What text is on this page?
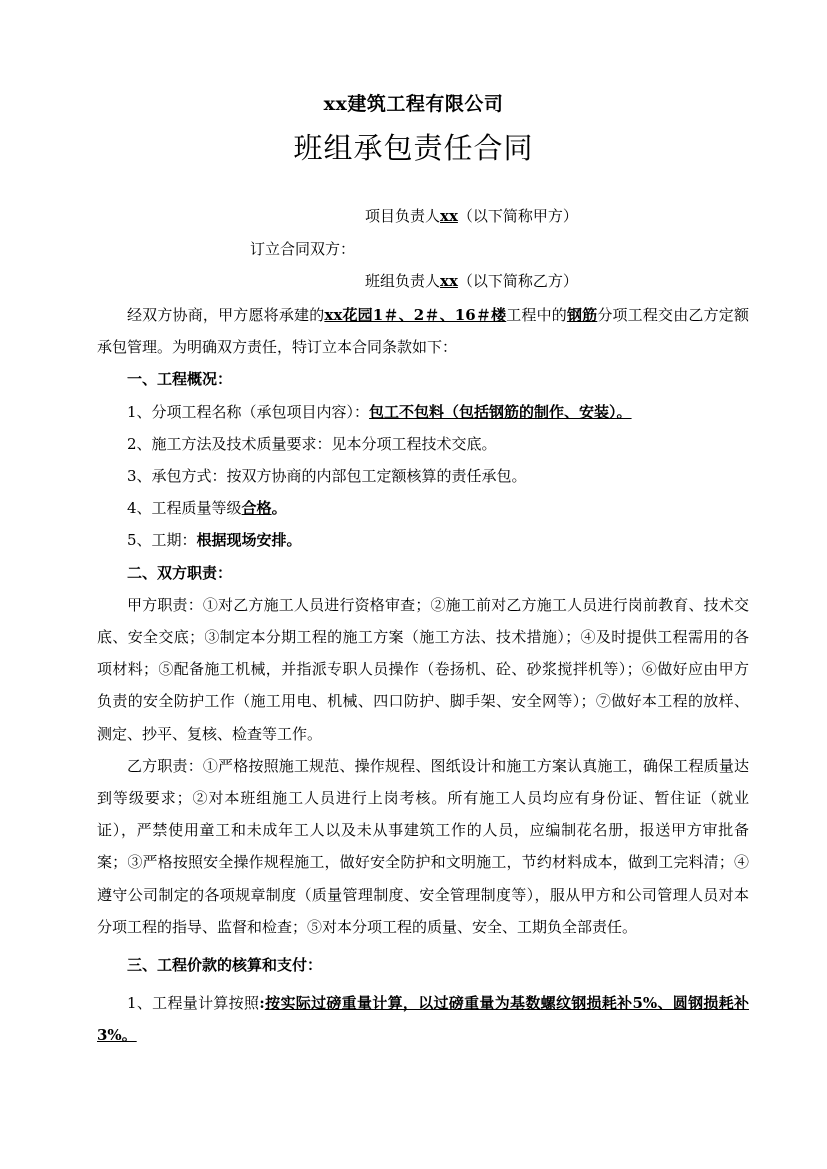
xx建筑工程有限公司
班组承包责任合同
项目负责人xx（以下简称甲方）
订立合同双方：
班组负责人xx（以下简称乙方）

经双方协商，甲方愿将承建的xx花园1＃、2＃、16＃楼工程中的钢筋分项工程交由乙方定额承包管理。为明确双方责任，特订立本合同条款如下：

一、工程概况：

1、分项工程名称（承包项目内容）：包工不包料（包括钢筋的制作、安装）。

2、施工方法及技术质量要求：见本分项工程技术交底。

3、承包方式：按双方协商的内部包工定额核算的责任承包。

4、工程质量等级合格。

5、工期：根据现场安排。

二、双方职责：

甲方职责：①对乙方施工人员进行资格审查；②施工前对乙方施工人员进行岗前教育、技术交底、安全交底；③制定本分期工程的施工方案（施工方法、技术措施）；④及时提供工程需用的各项材料；⑤配备施工机械，并指派专职人员操作（卷扬机、砼、砂浆搅拌机等）；⑥做好应由甲方负责的安全防护工作（施工用电、机械、四口防护、脚手架、安全网等）；⑦做好本工程的放样、测定、抄平、复核、检查等工作。

乙方职责：①严格按照施工规范、操作规程、图纸设计和施工方案认真施工，确保工程质量达到等级要求；②对本班组施工人员进行上岗考核。所有施工人员均应有身份证、暂住证（就业证），严禁使用童工和未成年工人以及未从事建筑工作的人员，应编制花名册，报送甲方审批备案；③严格按照安全操作规程施工，做好安全防护和文明施工，节约材料成本，做到工完料清；④遵守公司制定的各项规章制度（质量管理制度、安全管理制度等），服从甲方和公司管理人员对本分项工程的指导、监督和检查；⑤对本分项工程的质量、安全、工期负全部责任。

三、工程价款的核算和支付：

1、工程量计算按照:按实际过磅重量计算，以过磅重量为基数螺纹钢损耗补5%、圆钢损耗补3%。
